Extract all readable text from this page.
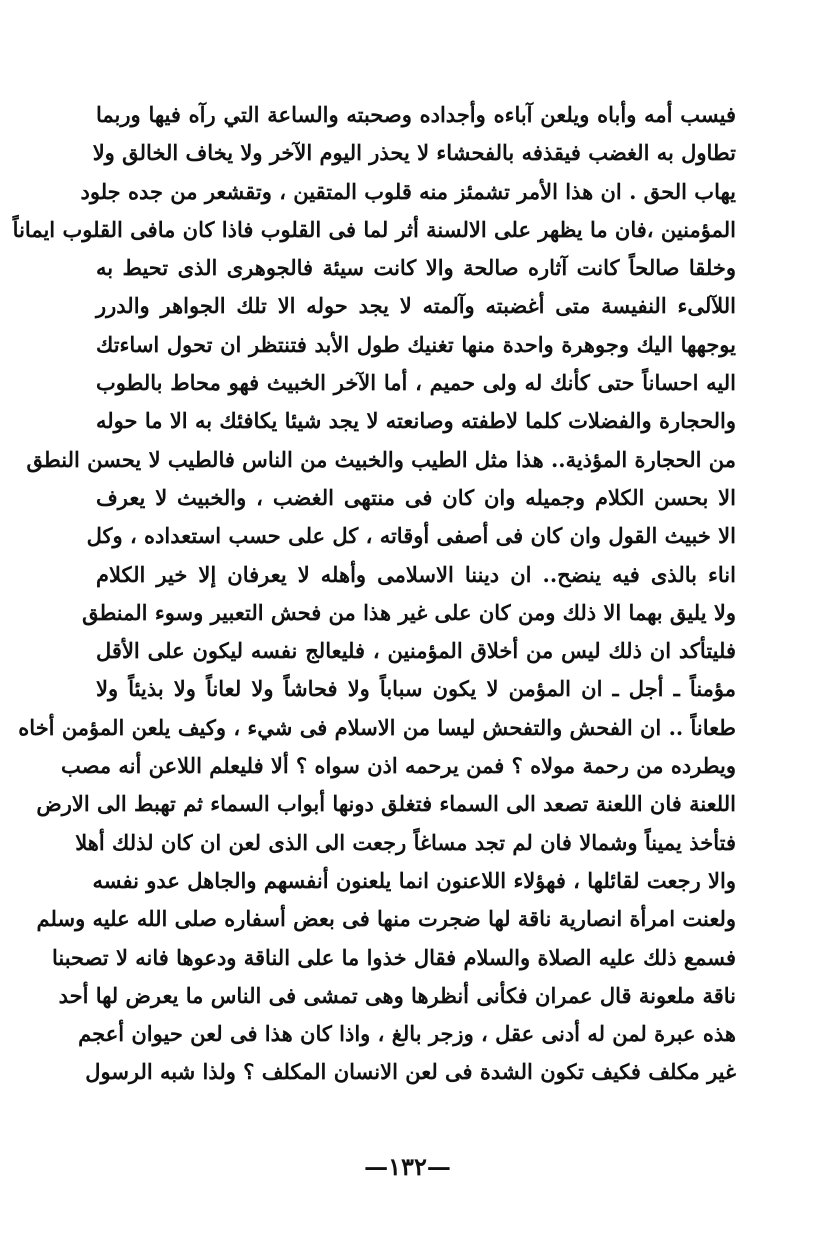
فيسب أمه وأباه ويلعن آباءه وأجداده وصحبته والساعة التي رآه فيها وربما
تطاول به الغضب فيقذفه بالفحشاء لا يحذر اليوم الآخر ولا يخاف الخالق ولا
يهاب الحق . ان هذا الأمر تشمئز منه قلوب المتقين ، وتقشعر من جده جلود
المؤمنين ،فان ما يظهر على الالسنة أثر لما فى القلوب فاذا كان مافى القلوب ايماناً
وخلقا صالحاً كانت آثاره صالحة والا كانت سيئة فالجوهرى الذى تحيط به
اللآلىء النفيسة متى أغضبته وآلمته لا يجد حوله الا تلك الجواهر والدرر
يوجهها اليك وجوهرة واحدة منها تغنيك طول الأبد فتنتظر ان تحول اساءتك
اليه احساناً حتى كأنك له ولى حميم ، أما الآخر الخبيث فهو محاط بالطوب
والحجارة والفضلات كلما لاطفته وصانعته لا يجد شيئا يكافئك به الا ما حوله
من الحجارة المؤذية.. هذا مثل الطيب والخبيث من الناس فالطيب لا يحسن النطق
الا بحسن الكلام وجميله وان كان فى منتهى الغضب ، والخبيث لا يعرف
الا خبيث القول وان كان فى أصفى أوقاته ، كل على حسب استعداده ، وكل
اناء بالذى فيه ينضح.. ان ديننا الاسلامى وأهله لا يعرفان إلا خير الكلام
ولا يليق بهما الا ذلك ومن كان على غير هذا من فحش التعبير وسوء المنطق
فليتأكد ان ذلك ليس من أخلاق المؤمنين ، فليعالج نفسه ليكون على الأقل
مؤمناً ـ أجل ـ ان المؤمن لا يكون سباباً ولا فحاشاً ولا لعاناً ولا بذيئاً ولا
طعاناً .. ان الفحش والتفحش ليسا من الاسلام فى شيء ، وكيف يلعن المؤمن أخاه
ويطرده من رحمة مولاه ؟ فمن يرحمه اذن سواه ؟ ألا فليعلم اللاعن أنه مصب
اللعنة فان اللعنة تصعد الى السماء فتغلق دونها أبواب السماء ثم تهبط الى الارض
فتأخذ يميناً وشمالا فان لم تجد مساغاً رجعت الى الذى لعن ان كان لذلك أهلا
والا رجعت لقائلها ، فهؤلاء اللاعنون انما يلعنون أنفسهم والجاهل عدو نفسه
ولعنت امرأة انصارية ناقة لها ضجرت منها فى بعض أسفاره صلى الله عليه وسلم
فسمع ذلك عليه الصلاة والسلام فقال خذوا ما على الناقة ودعوها فانه لا تصحبنا
ناقة ملعونة قال عمران فكأنى أنظرها وهى تمشى فى الناس ما يعرض لها أحد
هذه عبرة لمن له أدنى عقل ، وزجر بالغ ، واذا كان هذا فى لعن حيوان أعجم
غير مكلف فكيف تكون الشدة فى لعن الانسان المكلف ؟ ولذا شبه الرسول
—١٣٢—
